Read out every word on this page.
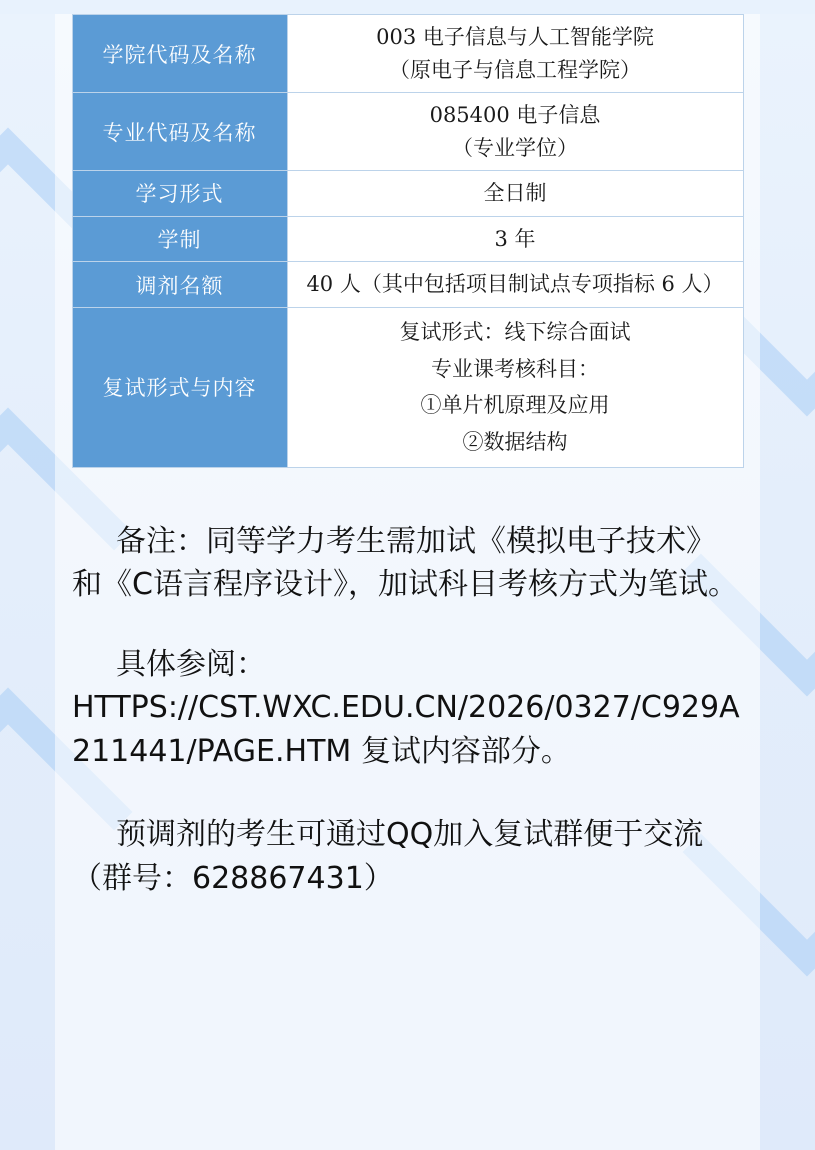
学院代码及名称	003 电子信息与人工智能学院
（原电子与信息工程学院）

专业代码及名称	085400 电子信息
（专业学位）

学习形式	全日制

学制	3 年

调剂名额	40 人（其中包括项目制试点专项指标 6 人）

复试形式与内容	复试形式：线下综合面试
专业课考核科目：
①单片机原理及应用
②数据结构

备注：同等学力考生需加试《模拟电子技术》和《C语言程序设计》，加试科目考核方式为笔试。

具体参阅：

HTTPS://CST.WXC.EDU.CN/2026/0327/C929A211441/PAGE.HTM 复试内容部分。

预调剂的考生可通过QQ加入复试群便于交流（群号：628867431）
